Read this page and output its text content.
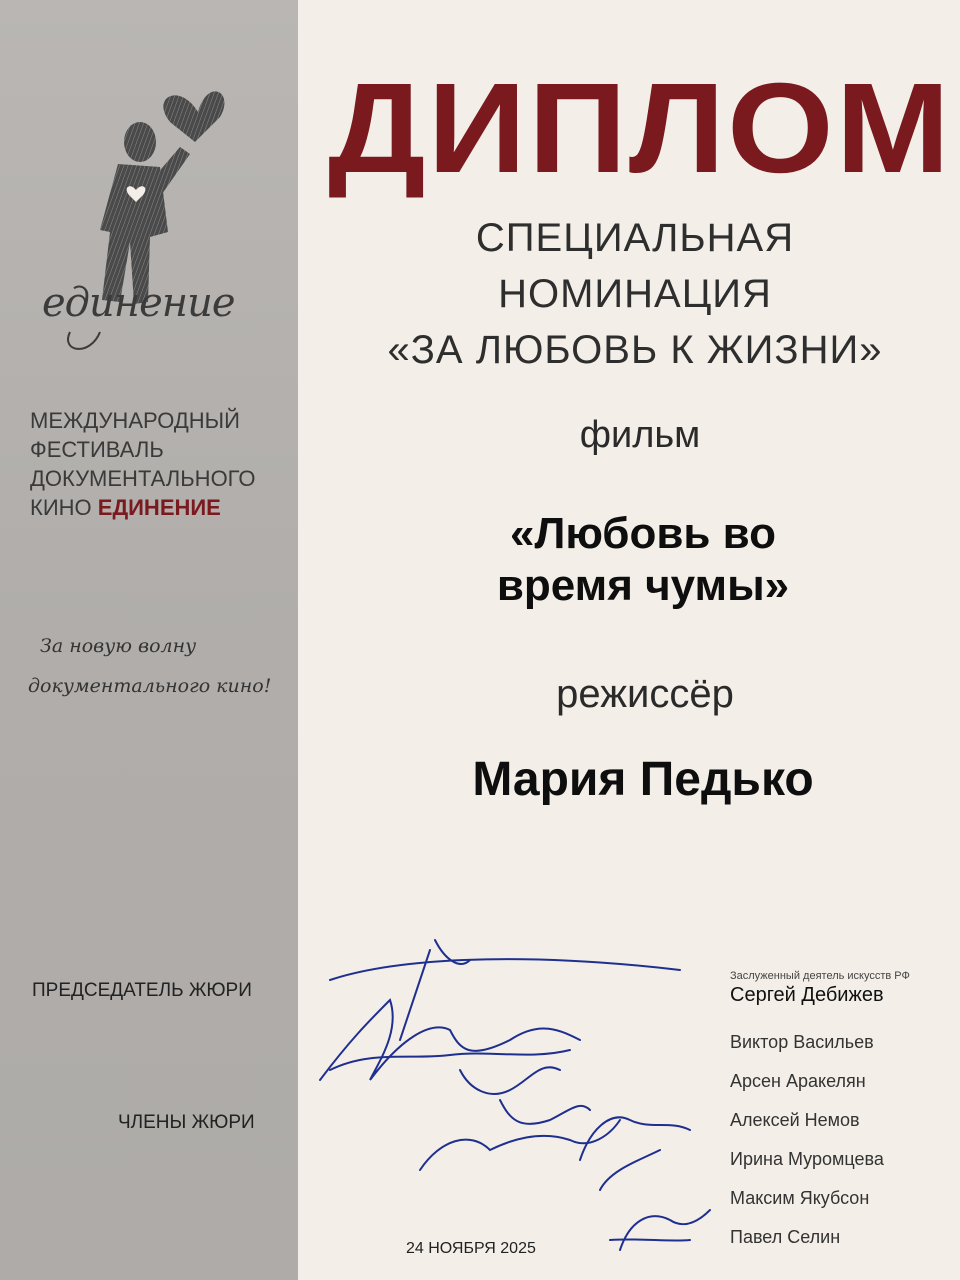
единение
МЕЖДУНАРОДНЫЙ
ФЕСТИВАЛЬ
ДОКУМЕНТАЛЬНОГО
КИНО ЕДИНЕНИЕ
За новую волну
документального кино!
ПРЕДСЕДАТЕЛЬ ЖЮРИ
ЧЛЕНЫ ЖЮРИ
ДИПЛОМ
СПЕЦИАЛЬНАЯ НОМИНАЦИЯ
«ЗА ЛЮБОВЬ К ЖИЗНИ»
фильм
«Любовь во
время чумы»
режиссёр
Мария Педько
Заслуженный деятель искусств РФ
Сергей Дебижев
Виктор Васильев
Арсен Аракелян
Алексей Немов
Ирина Муромцева
Максим Якубсон
Павел Селин
24 НОЯБРЯ 2025
